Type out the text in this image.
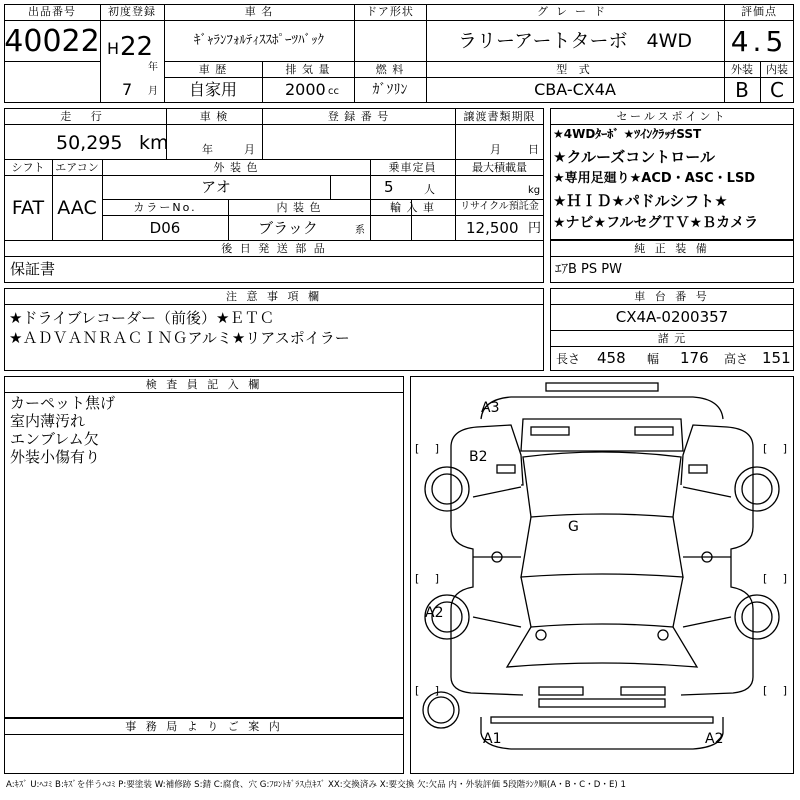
出品番号
40022
初度登録
H 22
年
7 月
車 名
ｷﾞｬﾗﾝﾌｫﾙﾃｨｽｽﾎﾟｰﾂﾊﾞｯｸ
ドア形状	グレード
ラリーアートターボ　4WD
評価点
4.5
外装	内装
B	C
車 歴
自家用
排 気 量
2000 cc
燃 料
ｶﾞｿﾘﾝ
型 式
CBA-CX4A
走 行
50,295 km
車 検
年	月
登 録 番 号	譲渡書類期限
月 日
シフト
FAT
エアコン
AAC
外 装 色
アオ
乗車定員
5	人
最大積載量
kg
カラーNo.
D06
内 装 色
ブラック	系
輸 入 車	リサイクル預託金
12,500 円
後 日 発 送 部 品
保証書
セールスポイント
★4WDﾀｰﾎﾞ ★ﾂｲﾝｸﾗｯﾁSST
★クルーズコントロール
★専用足廻り★ACD・ASC・LSD
★ＨＩＤ★パドルシフト★
★ナビ★フルセグＴＶ★Ｂカメラ
純 正 装 備
ｴｱB PS PW
注 意 事 項 欄
★ドライブレコーダー（前後）★ＥＴＣ
★ＡＤＶＡＮＲＡＣＩＮＧアルミ★リアスポイラー
車 台 番 号
CX4A-0200357
諸 元
長さ 458 幅 176 高さ 151
検 査 員 記 入 欄
カーペット焦げ
室内薄汚れ
エンブレム欠
外装小傷有り
事 務 局 よ り ご 案 内
A3
B2
G
A2
A1	A2
[ ]	[ ]
[ ]	[ ]
[ ]	[ ]
A:ｷｽﾞ U:ﾍｺﾐ B:ｷｽﾞを伴うﾍｺﾐ P:要塗装 W:補修跡 S:錆 C:腐食、穴 G:ﾌﾛﾝﾄｶﾞﾗｽ点ｷｽﾞ XX:交換済み X:要交換 欠:欠品 内・外装評価 5段階ﾗﾝｸ順(A・B・C・D・E) 1
